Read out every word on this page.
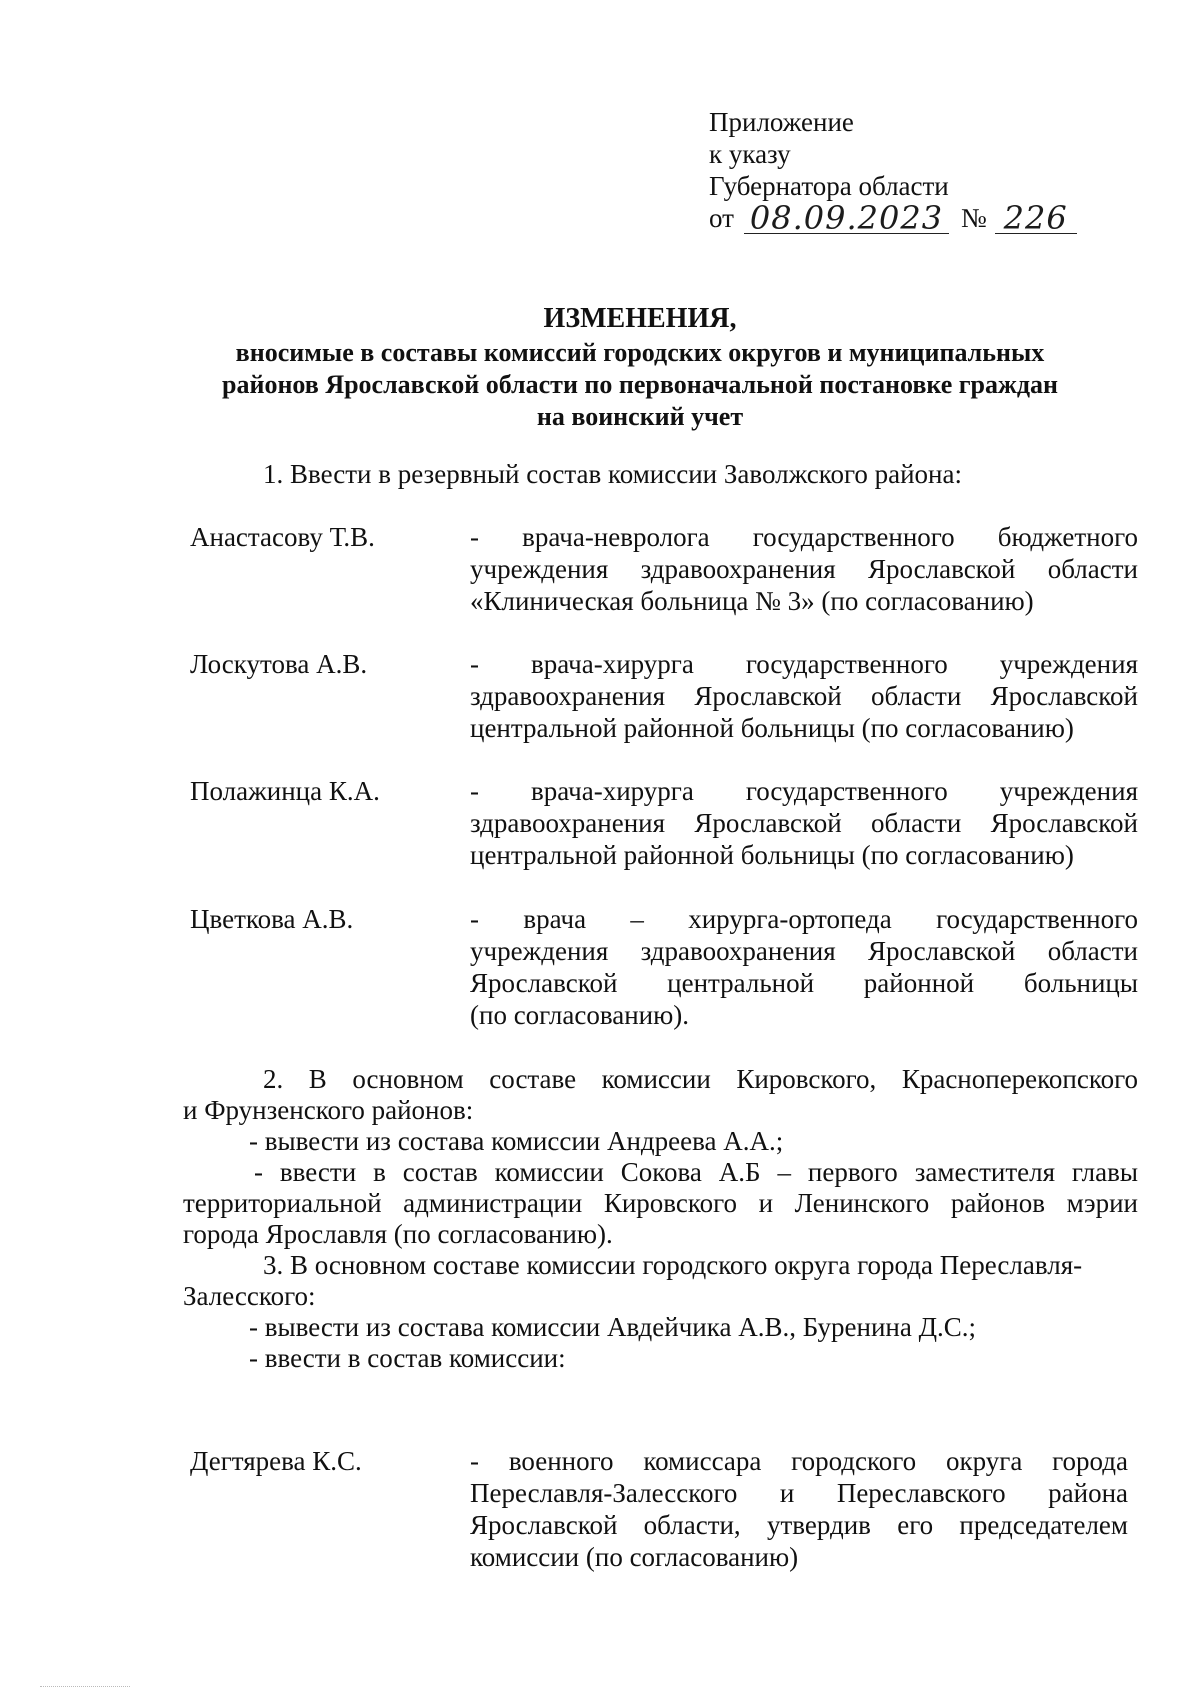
Приложение
к указу
Губернатора области
от 08.09.2023 № 226
ИЗМЕНЕНИЯ,
вносимые в составы комиссий городских округов и муниципальных
районов Ярославской области по первоначальной постановке граждан
на воинский учет
1. Ввести в резервный состав комиссии Заволжского района:
Анастасову Т.В.	- врача-невролога государственного бюджетного
учреждения здравоохранения Ярославской области
«Клиническая больница № 3» (по согласованию)
Лоскутова А.В.	- врача-хирурга государственного учреждения
здравоохранения Ярославской области Ярославской
центральной районной больницы (по согласованию)
Полажинца К.А.	- врача-хирурга государственного учреждения
здравоохранения Ярославской области Ярославской
центральной районной больницы (по согласованию)
Цветкова А.В.	- врача – хирурга-ортопеда государственного
учреждения здравоохранения Ярославской области
Ярославской центральной районной больницы
(по согласованию).
2. В основном составе комиссии Кировского, Красноперекопского
и Фрунзенского районов:
- вывести из состава комиссии Андреева А.А.;
- ввести в состав комиссии Сокова А.Б – первого заместителя главы
территориальной администрации Кировского и Ленинского районов мэрии
города Ярославля (по согласованию).
3. В основном составе комиссии городского округа города Переславля-
Залесского:
- вывести из состава комиссии Авдейчика А.В., Буренина Д.С.;
- ввести в состав комиссии:
Дегтярева К.С.	- военного комиссара городского округа города
Переславля-Залесского и Переславского района
Ярославской области, утвердив его председателем
комиссии (по согласованию)
